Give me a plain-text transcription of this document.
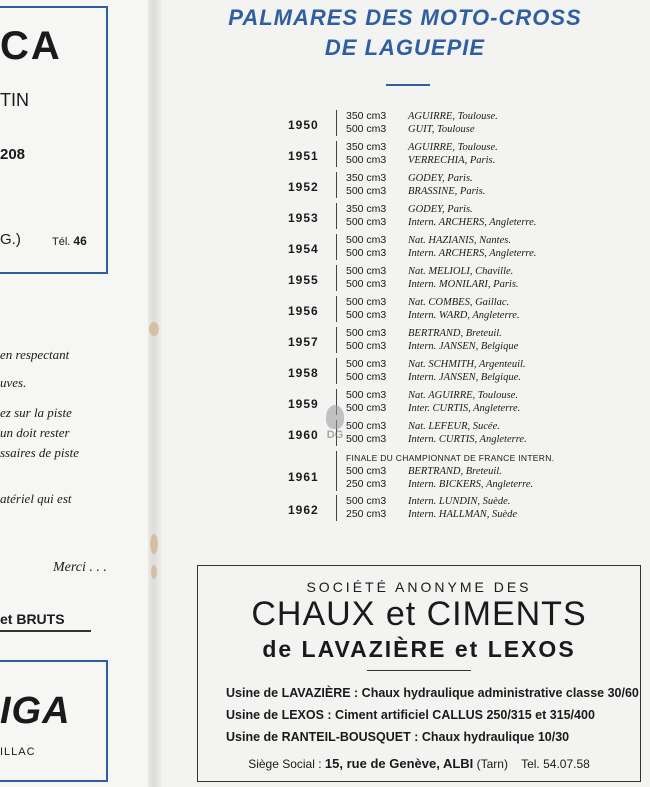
CA
TIN
208
G.)	Tél. 46
en respectant
uves.
ez sur la piste
un doit rester
ssaires de piste
atériel qui est
Merci . . .
et BRUTS
IGA
ILLAC
PALMARES DES MOTO-CROSS
DE LAGUEPIE
1950
350 cm3 AGUIRRE, Toulouse.
500 cm3 GUIT, Toulouse
1951
350 cm3 AGUIRRE, Toulouse.
500 cm3 VERRECHIA, Paris.
1952
350 cm3 GODEY, Paris.
500 cm3 BRASSINE, Paris.
1953
350 cm3 GODEY, Paris.
500 cm3 Intern. ARCHERS, Angleterre.
1954
500 cm3 Nat. HAZIANIS, Nantes.
500 cm3 Intern. ARCHERS, Angleterre.
1955
500 cm3 Nat. MELIOLI, Chaville.
500 cm3 Intern. MONILARI, Paris.
1956
500 cm3 Nat. COMBES, Gaillac.
500 cm3 Intern. WARD, Angleterre.
1957
500 cm3 BERTRAND, Breteuil.
500 cm3 Intern. JANSEN, Belgique
1958
500 cm3 Nat. SCHMITH, Argenteuil.
500 cm3 Intern. JANSEN, Belgique.
1959
500 cm3 Nat. AGUIRRE, Toulouse.
500 cm3 Inter. CURTIS, Angleterre.
1960
500 cm3 Nat. LEFEUR, Sucée.
500 cm3 Intern. CURTIS, Angleterre.
1961
FINALE DU CHAMPIONNAT DE FRANCE INTERN.
500 cm3 BERTRAND, Breteuil.
250 cm3 Intern. BICKERS, Angleterre.
1962
500 cm3 Intern. LUNDIN, Suède.
250 cm3 Intern. HALLMAN, Suède
SOCIÉTÉ ANONYME DES
CHAUX et CIMENTS
de LAVAZIÈRE et LEXOS
Usine de LAVAZIÈRE : Chaux hydraulique administrative classe 30/60
Usine de LEXOS : Ciment artificiel CALLUS 250/315 et 315/400
Usine de RANTEIL-BOUSQUET : Chaux hydraulique 10/30
Siège Social : 15, rue de Genève, ALBI (Tarn) Tel. 54.07.58
DG
